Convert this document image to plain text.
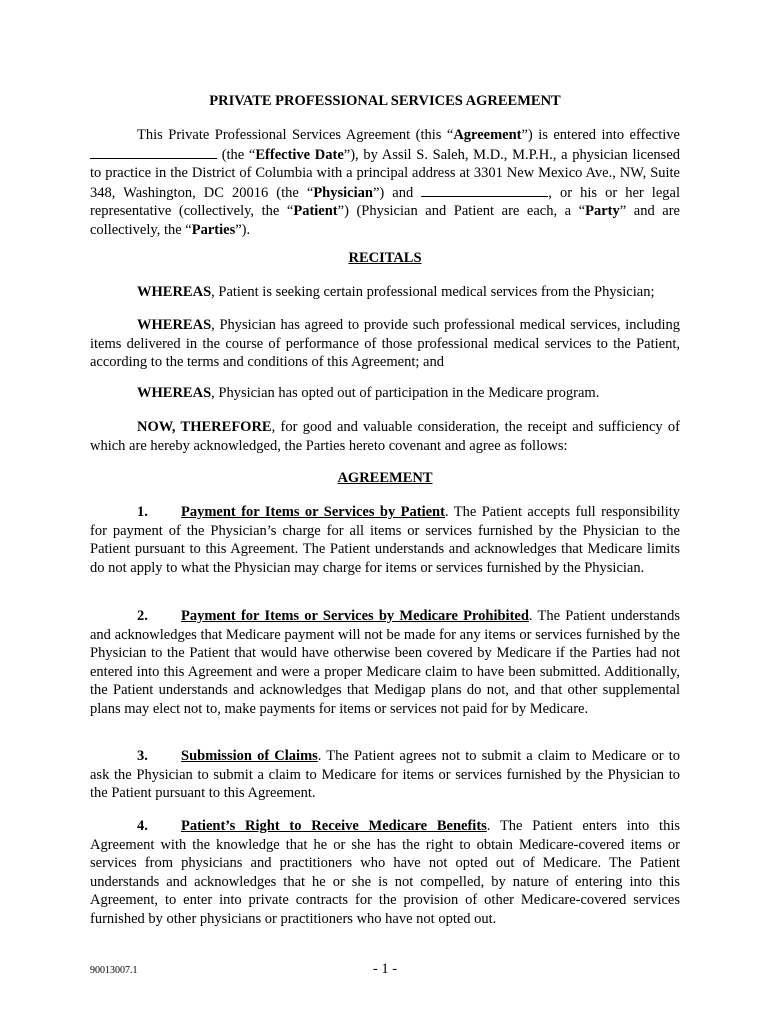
PRIVATE PROFESSIONAL SERVICES AGREEMENT
This Private Professional Services Agreement (this “Agreement”) is entered into effective  (the “Effective Date”), by Assil S. Saleh, M.D., M.P.H., a physician licensed to practice in the District of Columbia with a principal address at 3301 New Mexico Ave., NW, Suite 348, Washington, DC 20016 (the “Physician”) and	, or his or her legal representative (collectively, the “Patient”) (Physician and Patient are each, a “Party” and are collectively, the “Parties”).
RECITALS
WHEREAS, Patient is seeking certain professional medical services from the Physician;
WHEREAS, Physician has agreed to provide such professional medical services, including items delivered in the course of performance of those professional medical services to the Patient, according to the terms and conditions of this Agreement; and
WHEREAS, Physician has opted out of participation in the Medicare program.
NOW, THEREFORE, for good and valuable consideration, the receipt and sufficiency of which are hereby acknowledged, the Parties hereto covenant and agree as follows:
AGREEMENT
1. Payment for Items or Services by Patient. The Patient accepts full responsibility for payment of the Physician’s charge for all items or services furnished by the Physician to the Patient pursuant to this Agreement. The Patient understands and acknowledges that Medicare limits do not apply to what the Physician may charge for items or services furnished by the Physician.
2. Payment for Items or Services by Medicare Prohibited. The Patient understands and acknowledges that Medicare payment will not be made for any items or services furnished by the Physician to the Patient that would have otherwise been covered by Medicare if the Parties had not entered into this Agreement and were a proper Medicare claim to have been submitted. Additionally, the Patient understands and acknowledges that Medigap plans do not, and that other supplemental plans may elect not to, make payments for items or services not paid for by Medicare.
3. Submission of Claims. The Patient agrees not to submit a claim to Medicare or to ask the Physician to submit a claim to Medicare for items or services furnished by the Physician to the Patient pursuant to this Agreement.
4. Patient’s Right to Receive Medicare Benefits. The Patient enters into this Agreement with the knowledge that he or she has the right to obtain Medicare-covered items or services from physicians and practitioners who have not opted out of Medicare. The Patient understands and acknowledges that he or she is not compelled, by nature of entering into this Agreement, to enter into private contracts for the provision of other Medicare-covered services furnished by other physicians or practitioners who have not opted out.
90013007.1	- 1 -
